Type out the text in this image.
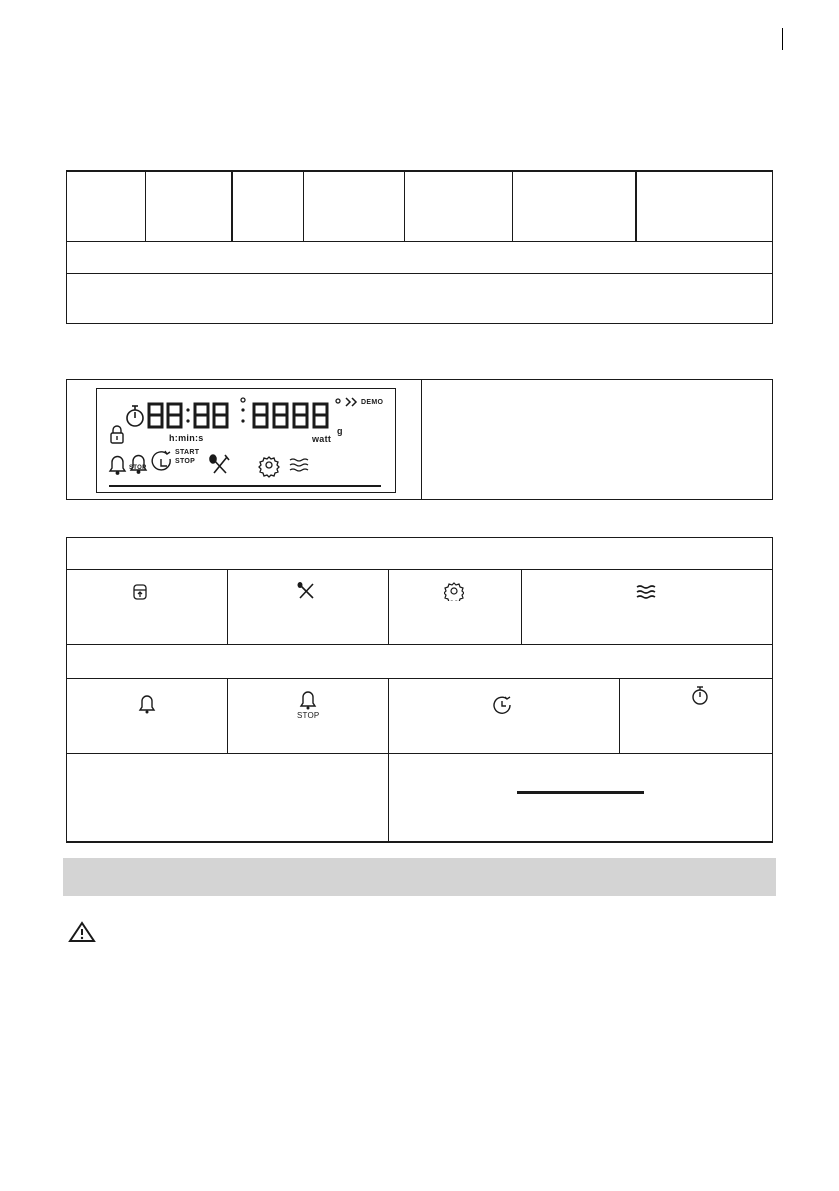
DEMO
h:min:s	watt
g
START
STOP
STOP
STOP
